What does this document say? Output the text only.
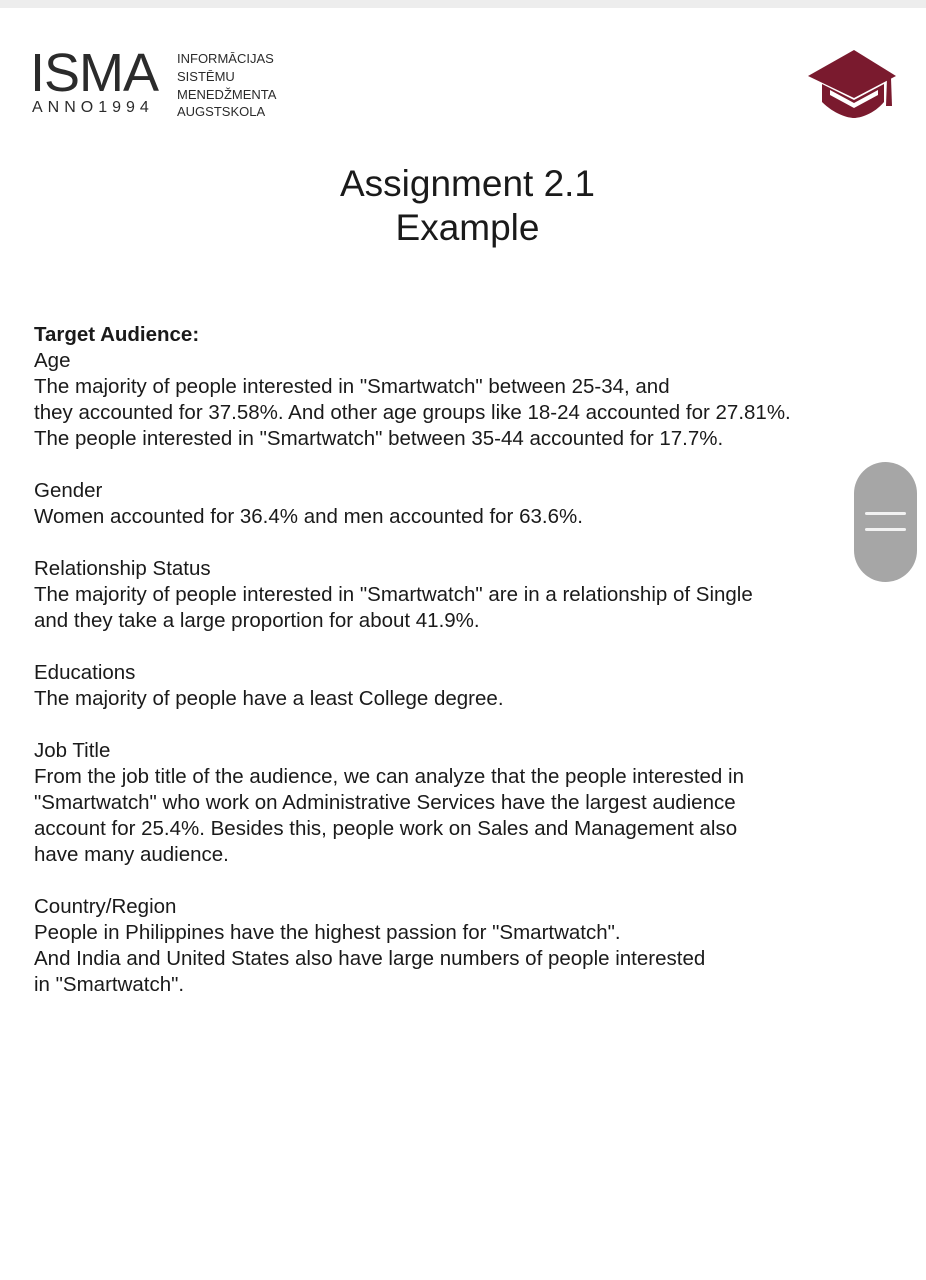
ISMA
ANNO1994
INFORMĀCIJAS
SISTĒMU
MENEDŽMENTA
AUGSTSKOLA
Assignment 2.1
Example
Target Audience:
Age
The majority of people interested in "Smartwatch" between 25-34, and
they accounted for 37.58%. And other age groups like 18-24 accounted for 27.81%.
The people interested in "Smartwatch" between 35-44 accounted for 17.7%.
Gender
Women accounted for 36.4% and men accounted for 63.6%.
Relationship Status
The majority of people interested in "Smartwatch" are in a relationship of Single
and they take a large proportion for about 41.9%.
Educations
The majority of people have a least College degree.
Job Title
From the job title of the audience, we can analyze that the people interested in
"Smartwatch" who work on Administrative Services have the largest audience
account for 25.4%. Besides this, people work on Sales and Management also
have many audience.
Country/Region
People in Philippines have the highest passion for "Smartwatch".
And India and United States also have large numbers of people interested
in "Smartwatch".
